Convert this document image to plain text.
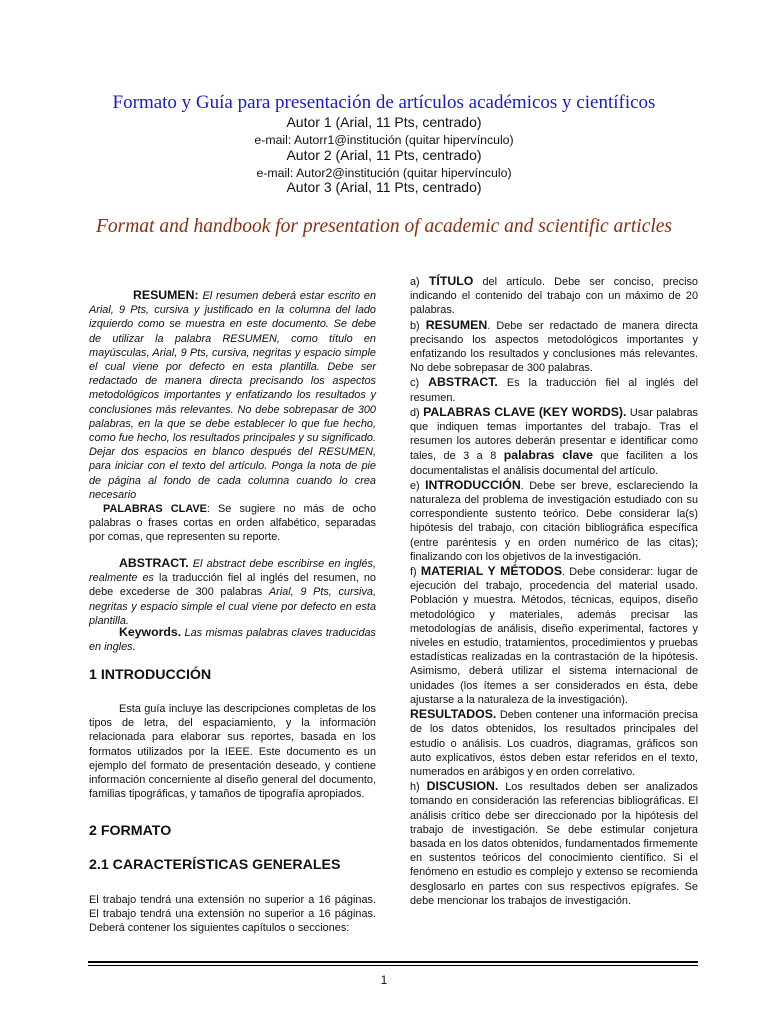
Formato y Guía para presentación de artículos académicos y científicos
Autor 1 (Arial, 11 Pts, centrado)
e-mail: Autorr1@institución (quitar hipervínculo)
Autor 2 (Arial, 11 Pts, centrado)
e-mail: Autor2@institución (quitar hipervínculo)
Autor 3 (Arial, 11 Pts, centrado)
Format and handbook for presentation of academic and scientific articles

RESUMEN: El resumen deberá estar escrito en Arial, 9 Pts, cursiva y justificado en la columna del lado izquierdo como se muestra en este documento. Se debe de utilizar la palabra RESUMEN, como título en mayúsculas, Arial, 9 Pts, cursiva, negritas y espacio simple el cual viene por defecto en esta plantilla. Debe ser redactado de manera directa precisando los aspectos metodológicos importantes y enfatizando los resultados y conclusiones más relevantes. No debe sobrepasar de 300 palabras, en la que se debe establecer lo que fue hecho, como fue hecho, los resultados principales y su significado. Dejar dos espacios en blanco después del RESUMEN, para iniciar con el texto del artículo. Ponga la nota de pie de página al fondo de cada columna cuando lo crea necesario

PALABRAS CLAVE: Se sugiere no más de ocho palabras o frases cortas en orden alfabético, separadas por comas, que representen su reporte.

ABSTRACT. El abstract debe escribirse en inglés, realmente es la traducción fiel al inglés del resumen, no debe excederse de 300 palabras Arial, 9 Pts, cursiva, negritas y espacio simple el cual viene por defecto en esta plantilla.

Keywords. Las mismas palabras claves traducidas en ingles.

1 INTRODUCCIÓN

Esta guía incluye las descripciones completas de los tipos de letra, del espaciamiento, y la información relacionada para elaborar sus reportes, basada en los formatos utilizados por la IEEE. Este documento es un ejemplo del formato de presentación deseado, y contiene información concerniente al diseño general del documento, familias tipográficas, y tamaños de tipografía apropiados.

2 FORMATO
2.1 CARACTERÍSTICAS GENERALES

El trabajo tendrá una extensión no superior a 16 páginas. El trabajo tendrá una extensión no superior a 16 páginas. Deberá contener los siguientes capítulos o secciones:

a) TÍTULO del artículo. Debe ser conciso, preciso indicando el contenido del trabajo con un máximo de 20 palabras.

b) RESUMEN. Debe ser redactado de manera directa precisando los aspectos metodológicos importantes y enfatizando los resultados y conclusiones más relevantes. No debe sobrepasar de 300 palabras.

c) ABSTRACT. Es la traducción fiel al inglés del resumen.

d) PALABRAS CLAVE (KEY WORDS). Usar palabras que indiquen temas importantes del trabajo. Tras el resumen los autores deberán presentar e identificar como tales, de 3 a 8 palabras clave que faciliten a los documentalistas el análisis documental del artículo.

e) INTRODUCCIÓN. Debe ser breve, esclareciendo la naturaleza del problema de investigación estudiado con su correspondiente sustento teórico. Debe considerar la(s) hipótesis del trabajo, con citación bibliográfica específica (entre paréntesis y en orden numérico de las citas); finalizando con los objetivos de la investigación.

f) MATERIAL Y MÉTODOS. Debe considerar: lugar de ejecución del trabajo, procedencia del material usado. Población y muestra. Métodos, técnicas, equipos, diseño metodológico y materiales, además precisar las metodologías de análisis, diseño experimental, factores y niveles en estudio, tratamientos, procedimientos y pruebas estadísticas realizadas en la contrastación de la hipótesis. Asimismo, deberá utilizar el sistema internacional de unidades (los ítemes a ser considerados en ésta, debe ajustarse a la naturaleza de la investigación).

RESULTADOS. Deben contener una información precisa de los datos obtenidos, los resultados principales del estudio o análisis. Los cuadros, diagramas, gráficos son auto explicativos, éstos deben estar referidos en el texto, numerados en arábigos y en orden correlativo.

h) DISCUSION. Los resultados deben ser analizados tomando en consideración las referencias bibliográficas. El análisis crítico debe ser direccionado por la hipótesis del trabajo de investigación. Se debe estimular conjetura basada en los datos obtenidos, fundamentados firmemente en sustentos teóricos del conocimiento científico. Si el fenómeno en estudio es complejo y extenso se recomienda desglosarlo en partes con sus respectivos epígrafes. Se debe mencionar los trabajos de investigación.

1
